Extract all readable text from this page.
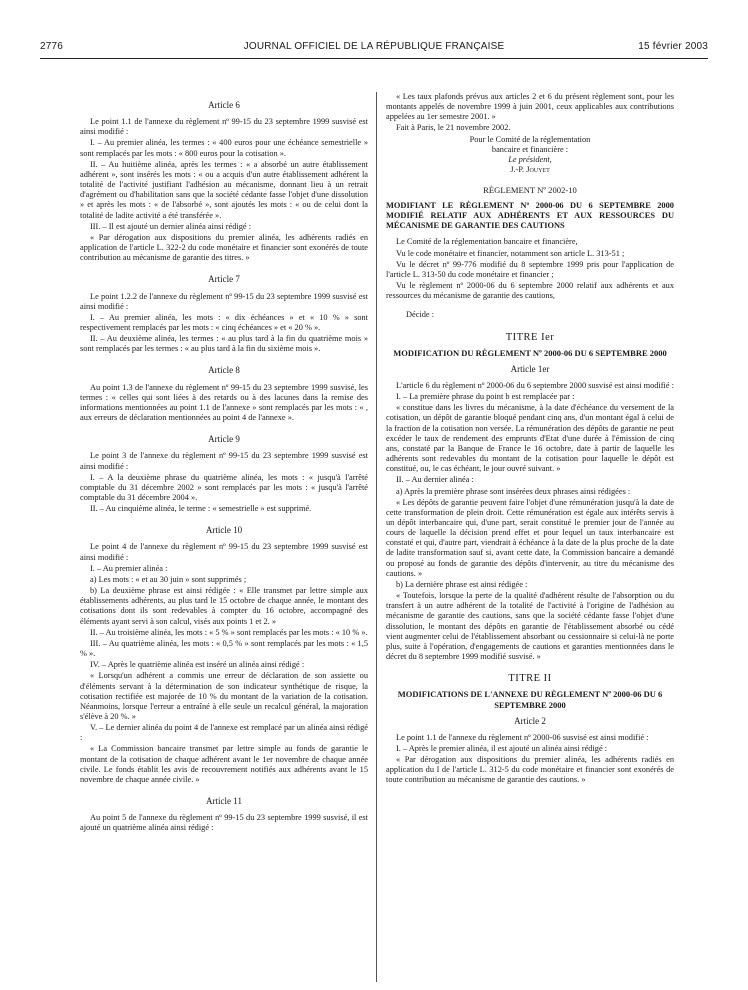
2776	JOURNAL OFFICIEL DE LA RÉPUBLIQUE FRANÇAISE	15 février 2003
Article 6

Le point 1.1 de l'annexe du règlement nº 99-15 du 23 septembre 1999 susvisé est ainsi modifié :

I. – Au premier alinéa, les termes : « 400 euros pour une échéance semestrielle » sont remplacés par les mots : « 800 euros pour la cotisation ».

II. – Au huitième alinéa, après les termes : « a absorbé un autre établissement adhérent », sont insérés les mots : « ou a acquis d'un autre établissement adhérent la totalité de l'activité justifiant l'adhésion au mécanisme, donnant lieu à un retrait d'agrément ou d'habilitation sans que la société cédante fasse l'objet d'une dissolution » et après les mots : « de l'absorbé », sont ajoutés les mots : « ou de celui dont la totalité de ladite activité a été transférée ».

III. – Il est ajouté un dernier alinéa ainsi rédigé :

« Par dérogation aux dispositions du premier alinéa, les adhérents radiés en application de l'article L. 322-2 du code monétaire et financier sont exonérés de toute contribution au mécanisme de garantie des titres. »

Article 7

Le point 1.2.2 de l'annexe du règlement nº 99-15 du 23 septembre 1999 susvisé est ainsi modifié :

I. – Au premier alinéa, les mots : « dix échéances » et « 10 % » sont respectivement remplacés par les mots : « cinq échéances » et « 20 % ».

II. – Au deuxième alinéa, les termes : « au plus tard à la fin du quatrième mois » sont remplacés par les termes : « au plus tard à la fin du sixième mois ».

Article 8

Au point 1.3 de l'annexe du règlement nº 99-15 du 23 septembre 1999 susvisé, les termes : « celles qui sont liées à des retards ou à des lacunes dans la remise des informations mentionnées au point 1.1 de l'annexe » sont remplacés par les mots : « , aux erreurs de déclaration mentionnées au point 4 de l'annexe ».

Article 9

Le point 3 de l'annexe du règlement nº 99-15 du 23 septembre 1999 susvisé est ainsi modifié :

I. – A la deuxième phrase du quatrième alinéa, les mots : « jusqu'à l'arrêté comptable du 31 décembre 2002 » sont remplacés par les mots : « jusqu'à l'arrêté comptable du 31 décembre 2004 ».

II. – Au cinquième alinéa, le terme : « semestrielle » est supprimé.

Article 10

Le point 4 de l'annexe du règlement nº 99-15 du 23 septembre 1999 susvisé est ainsi modifié :

I. – Au premier alinéa :

a) Les mots : « et au 30 juin » sont supprimés ;

b) La deuxième phrase est ainsi rédigée : « Elle transmet par lettre simple aux établissements adhérents, au plus tard le 15 octobre de chaque année, le montant des cotisations dont ils sont redevables à compter du 16 octobre, accompagné des éléments ayant servi à son calcul, visés aux points 1 et 2. »

II. – Au troisième alinéa, les mots : « 5 % » sont remplacés par les mots : « 10 % ».

III. – Au quatrième alinéa, les mots : « 0,5 % » sont remplacés par les mots : « 1,5 % ».

IV. – Après le quatrième alinéa est inséré un alinéa ainsi rédigé :

« Lorsqu'un adhérent a commis une erreur de déclaration de son assiette ou d'éléments servant à la détermination de son indicateur synthétique de risque, la cotisation rectifiée est majorée de 10 % du montant de la variation de la cotisation. Néanmoins, lorsque l'erreur a entraîné à elle seule un recalcul général, la majoration s'élève à 20 %. »

V. – Le dernier alinéa du point 4 de l'annexe est remplacé par un alinéa ainsi rédigé :

« La Commission bancaire transmet par lettre simple au fonds de garantie le montant de la cotisation de chaque adhérent avant le 1er novembre de chaque année civile. Le fonds établit les avis de recouvrement notifiés aux adhérents avant le 15 novembre de chaque année civile. »

Article 11

Au point 5 de l'annexe du règlement nº 99-15 du 23 septembre 1999 susvisé, il est ajouté un quatrième alinéa ainsi rédigé :

« Les taux plafonds prévus aux articles 2 et 6 du présent règlement sont, pour les montants appelés de novembre 1999 à juin 2001, ceux applicables aux contributions appelées au 1er semestre 2001. »

Fait à Paris, le 21 novembre 2002.

Pour le Comité de la réglementation
bancaire et financière :
Le président,
J.-P. Jouyet
RÈGLEMENT Nº 2002-10
MODIFIANT LE RÈGLEMENT Nº 2000-06 DU 6 SEPTEMBRE 2000 MODIFIÉ RELATIF AUX ADHÉRENTS ET AUX RESSOURCES DU MÉCANISME DE GARANTIE DES CAUTIONS

Le Comité de la réglementation bancaire et financière,

Vu le code monétaire et financier, notamment son article L. 313-51 ;

Vu le décret nº 99-776 modifié du 8 septembre 1999 pris pour l'application de l'article L. 313-50 du code monétaire et financier ;

Vu le règlement nº 2000-06 du 6 septembre 2000 relatif aux adhérents et aux ressources du mécanisme de garantie des cautions,

Décide :
TITRE Ier
MODIFICATION DU RÈGLEMENT Nº 2000-06 DU 6 SEPTEMBRE 2000
Article 1er

L'article 6 du règlement nº 2000-06 du 6 septembre 2000 susvisé est ainsi modifié :

I. – La première phrase du point b est remplacée par :

« constitue dans les livres du mécanisme, à la date d'échéance du versement de la cotisation, un dépôt de garantie bloqué pendant cinq ans, d'un montant égal à celui de la fraction de la cotisation non versée. La rémunération des dépôts de garantie ne peut excéder le taux de rendement des emprunts d'Etat d'une durée à l'émission de cinq ans, constaté par la Banque de France le 16 octobre, date à partir de laquelle les adhérents sont redevables du montant de la cotisation pour laquelle le dépôt est constitué, ou, le cas échéant, le jour ouvré suivant. »

II. – Au dernier alinéa :

a) Après la première phrase sont insérées deux phrases ainsi rédigées :

« Les dépôts de garantie peuvent faire l'objet d'une rémunération jusqu'à la date de cette transformation de plein droit. Cette rémunération est égale aux intérêts servis à un dépôt interbancaire qui, d'une part, serait constitué le premier jour de l'année au cours de laquelle la décision prend effet et pour lequel un taux interbancaire est constaté et qui, d'autre part, viendrait à échéance à la date de la plus proche de la date de ladite transformation sauf si, avant cette date, la Commission bancaire a demandé ou proposé au fonds de garantie des dépôts d'intervenir, au titre du mécanisme des cautions. »

b) La dernière phrase est ainsi rédigée :

« Toutefois, lorsque la perte de la qualité d'adhérent résulte de l'absorption ou du transfert à un autre adhérent de la totalité de l'activité à l'origine de l'adhésion au mécanisme de garantie des cautions, sans que la société cédante fasse l'objet d'une dissolution, le montant des dépôts en garantie de l'établissement absorbé ou cédé vient augmenter celui de l'établissement absorbant ou cessionnaire si celui-là ne porte plus, suite à l'opération, d'engagements de cautions et garanties mentionnées dans le décret du 8 septembre 1999 modifié susvisé. »

TITRE II
MODIFICATIONS DE L'ANNEXE DU RÈGLEMENT Nº 2000-06 DU 6 SEPTEMBRE 2000
Article 2

Le point 1.1 de l'annexe du règlement nº 2000-06 susvisé est ainsi modifié :

I. – Après le premier alinéa, il est ajouté un alinéa ainsi rédigé :

« Par dérogation aux dispositions du premier alinéa, les adhérents radiés en application du I de l'article L. 312-5 du code monétaire et financier sont exonérés de toute contribution au mécanisme de garantie des cautions. »
